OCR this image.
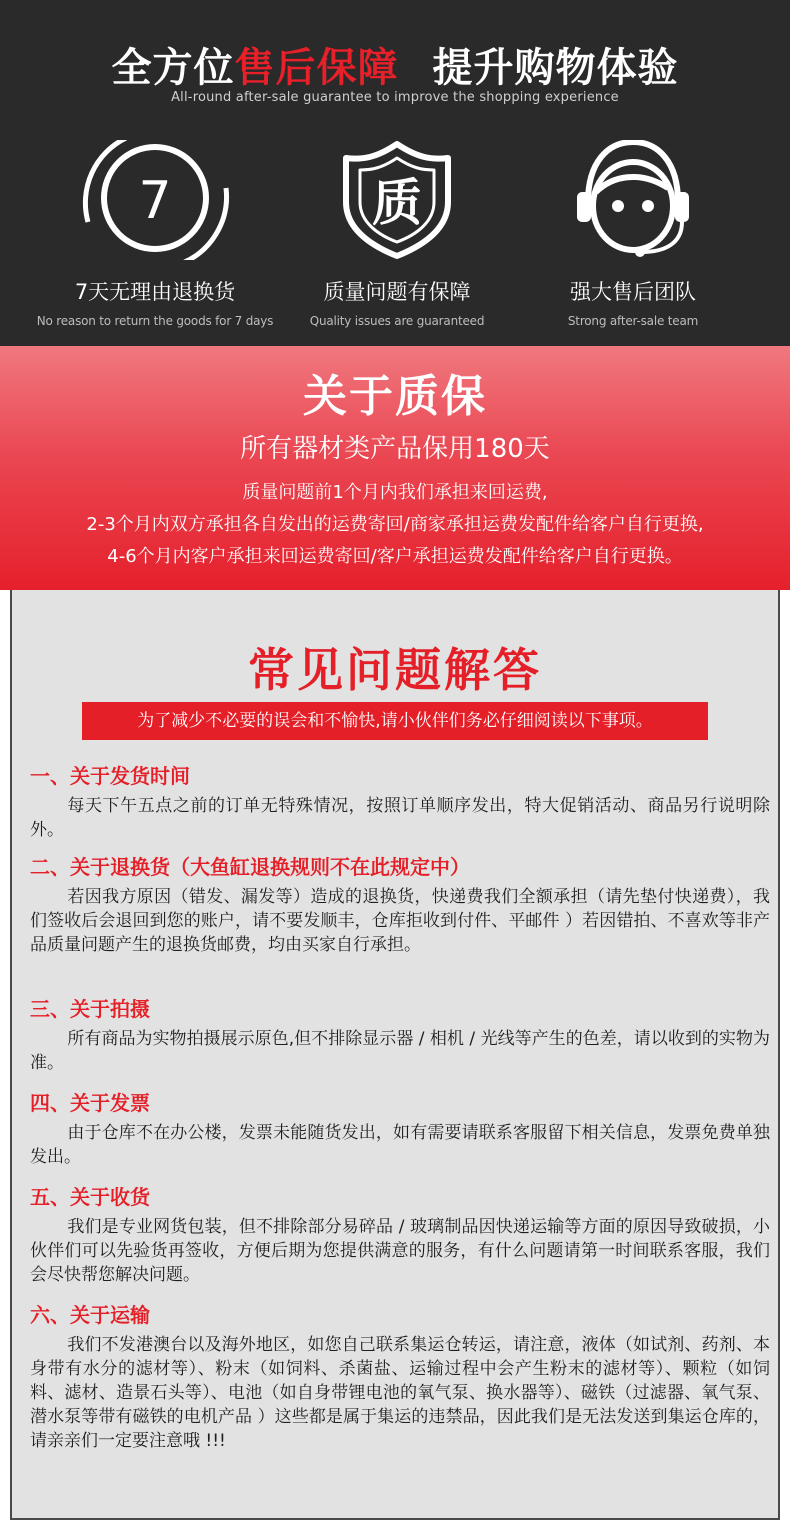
全方位售后保障 提升购物体验
All-round after-sale guarantee to improve the shopping experience
7
7天无理由退换货
No reason to return the goods for 7 days
质
质量问题有保障
Quality issues are guaranteed
强大售后团队
Strong after-sale team
关于质保
所有器材类产品保用180天
质量问题前1个月内我们承担来回运费,
2-3个月内双方承担各自发出的运费寄回/商家承担运费发配件给客户自行更换,
4-6个月内客户承担来回运费寄回/客户承担运费发配件给客户自行更换。
常见问题解答
为了减少不必要的误会和不愉快,请小伙伴们务必仔细阅读以下事项。
一、关于发货时间

每天下午五点之前的订单无特殊情况，按照订单顺序发出，特大促销活动、商品另行说明除外。

二、关于退换货（大鱼缸退换规则不在此规定中）

若因我方原因（错发、漏发等）造成的退换货，快递费我们全额承担（请先垫付快递费），我们签收后会退回到您的账户，请不要发顺丰，仓库拒收到付件、平邮件 ）若因错拍、不喜欢等非产品质量问题产生的退换货邮费，均由买家自行承担。

三、关于拍摄

所有商品为实物拍摄展示原色,但不排除显示器 / 相机 / 光线等产生的色差，请以收到的实物为准。

四、关于发票

由于仓库不在办公楼，发票未能随货发出，如有需要请联系客服留下相关信息，发票免费单独发出。

五、关于收货

我们是专业网货包装，但不排除部分易碎品 / 玻璃制品因快递运输等方面的原因导致破损，小伙伴们可以先验货再签收，方便后期为您提供满意的服务，有什么问题请第一时间联系客服，我们会尽快帮您解决问题。

六、关于运输

我们不发港澳台以及海外地区，如您自己联系集运仓转运，请注意，液体（如试剂、药剂、本身带有水分的滤材等）、粉末（如饲料、杀菌盐、运输过程中会产生粉末的滤材等）、颗粒（如饲料、滤材、造景石头等）、电池（如自身带锂电池的氧气泵、换水器等）、磁铁（过滤器、氧气泵、潜水泵等带有磁铁的电机产品 ）这些都是属于集运的违禁品，因此我们是无法发送到集运仓库的，请亲亲们一定要注意哦 !!!
